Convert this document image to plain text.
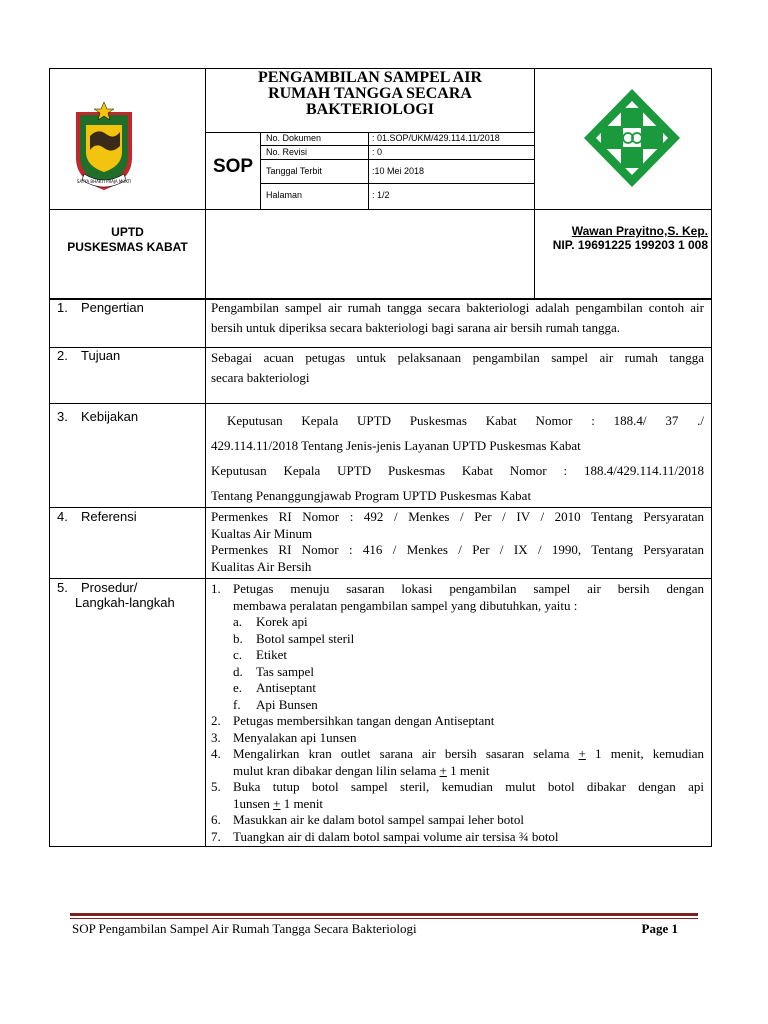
SATYA BHAKTI PRAJA MUKTI
PENGAMBILAN SAMPEL AIR
RUMAH TANGGA SECARA
BAKTERIOLOGI
SOP
No. Dokumen	: 01.SOP/UKM/429.114.11/2018
No. Revisi	: 0
Tanggal Terbit	:10 Mei 2018
Halaman	: 1/2
UPTD
PUSKESMAS KABAT
Wawan Prayitno,S. Kep.
NIP. 19691225 199203 1 008
1. Pengertian	Pengambilan sampel air rumah tangga secara bakteriologi adalah pengambilan contoh air
bersih untuk diperiksa secara bakteriologi bagi sarana air bersih rumah tangga.
2. Tujuan	Sebagai acuan petugas untuk pelaksanaan pengambilan sampel air rumah tangga
secara bakteriologi
3. Kebijakan	Keputusan Kepala UPTD Puskesmas Kabat Nomor : 188.4/ 37 ./
429.114.11/2018 Tentang Jenis-jenis Layanan UPTD Puskesmas Kabat
Keputusan Kepala UPTD Puskesmas Kabat Nomor : 188.4/429.114.11/2018
Tentang Penanggungjawab Program UPTD Puskesmas Kabat
4. Referensi	Permenkes RI Nomor : 492 / Menkes / Per / IV / 2010 Tentang Persyaratan
Kualtas Air Minum
Permenkes RI Nomor : 416 / Menkes / Per / IX / 1990, Tentang Persyaratan
Kualitas Air Bersih
5. Prosedur/
Langkah-langkah
1. Petugas menuju sasaran lokasi pengambilan sampel air bersih dengan
membawa peralatan pengambilan sampel yang dibutuhkan, yaitu :
a. Korek api
b. Botol sampel steril
c. Etiket
d. Tas sampel
e. Antiseptant
f. Api Bunsen
2. Petugas membersihkan tangan dengan Antiseptant
3. Menyalakan api 1unsen
4. Mengalirkan kran outlet sarana air bersih sasaran selama + 1 menit, kemudian
mulut kran dibakar dengan lilin selama + 1 menit
5. Buka tutup botol sampel steril, kemudian mulut botol dibakar dengan api
1unsen + 1 menit
6. Masukkan air ke dalam botol sampel sampai leher botol
7. Tuangkan air di dalam botol sampai volume air tersisa ¾ botol
SOP Pengambilan Sampel Air Rumah Tangga Secara Bakteriologi	Page 1
